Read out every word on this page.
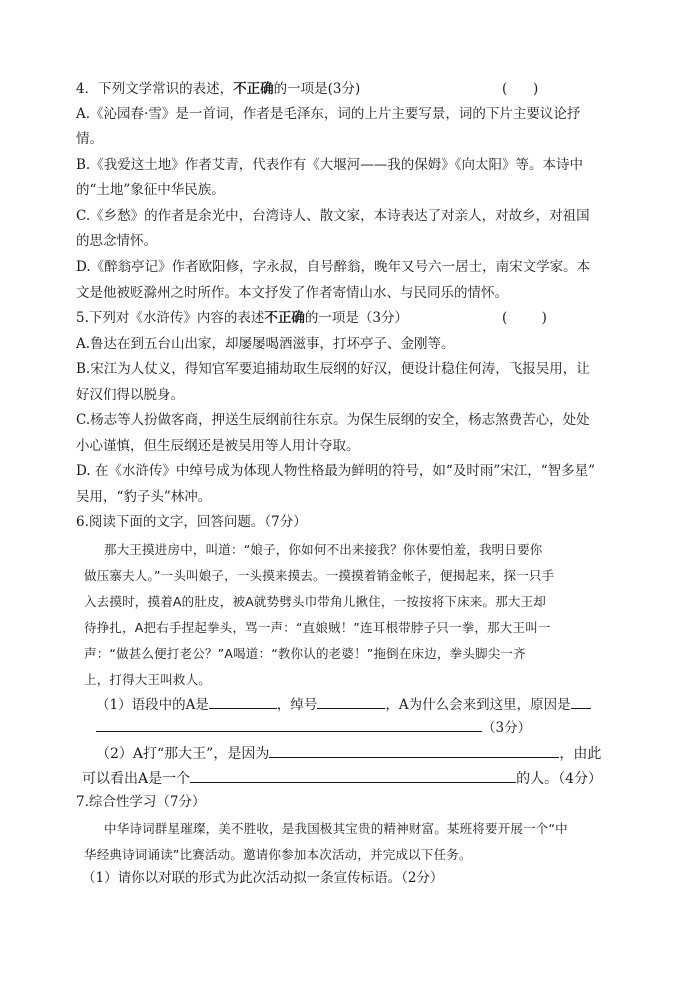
4．下列文学常识的表述，不正确的一项是(3分)	(      )
A.《沁园春·雪》是一首词，作者是毛泽东，词的上片主要写景，词的下片主要议论抒
情。
B.《我爱这土地》作者艾青，代表作有《大堰河——我的保姆》《向太阳》等。本诗中
的“土地”象征中华民族。
C.《乡愁》的作者是余光中，台湾诗人、散文家，本诗表达了对亲人，对故乡，对祖国
的思念情怀。
D.《醉翁亭记》作者欧阳修，字永叔，自号醉翁，晚年又号六一居士，南宋文学家。本
文是他被贬滁州之时所作。本文抒发了作者寄情山水、与民同乐的情怀。
5.下列对《水浒传》内容的表述不正确的一项是（3分）	(        )
A.鲁达在到五台山出家，却屡屡喝酒滋事，打坏亭子、金刚等。
B.宋江为人仗义，得知官军要追捕劫取生辰纲的好汉，便设计稳住何涛，飞报吴用，让
好汉们得以脱身。
C.杨志等人扮做客商，押送生辰纲前往东京。为保生辰纲的安全，杨志煞费苦心，处处
小心谨慎，但生辰纲还是被吴用等人用计夺取。
D. 在《水浒传》中绰号成为体现人物性格最为鲜明的符号，如“及时雨”宋江，“智多星”
吴用，“豹子头”林冲。
6.阅读下面的文字，回答问题。（7分）
那大王摸进房中，叫道：“娘子，你如何不出来接我？你休要怕羞，我明日要你
做压寨夫人。”一头叫娘子，一头摸来摸去。一摸摸着销金帐子，便揭起来，探一只手
入去摸时，摸着A的肚皮，被A就势劈头巾带角儿揪住，一按按将下床来。那大王却
待挣扎，A把右手捏起拳头，骂一声：“直娘贼！”连耳根带脖子只一拳，那大王叫一
声：“做甚么便打老公？”A喝道：“教你认的老婆！”拖倒在床边，拳头脚尖一齐
上，打得大王叫救人。
（1）语段中的A是	，绰号	，A为什么会来到这里，原因是
（3分）
（2）A打“那大王”，是因为	，由此
可以看出A是一个	的人。（4分）
7.综合性学习（7分）
中华诗词群星璀璨，美不胜收，是我国极其宝贵的精神财富。某班将要开展一个“中
华经典诗词诵读”比赛活动。邀请你参加本次活动，并完成以下任务。
（1）请你以对联的形式为此次活动拟一条宣传标语。（2分）
